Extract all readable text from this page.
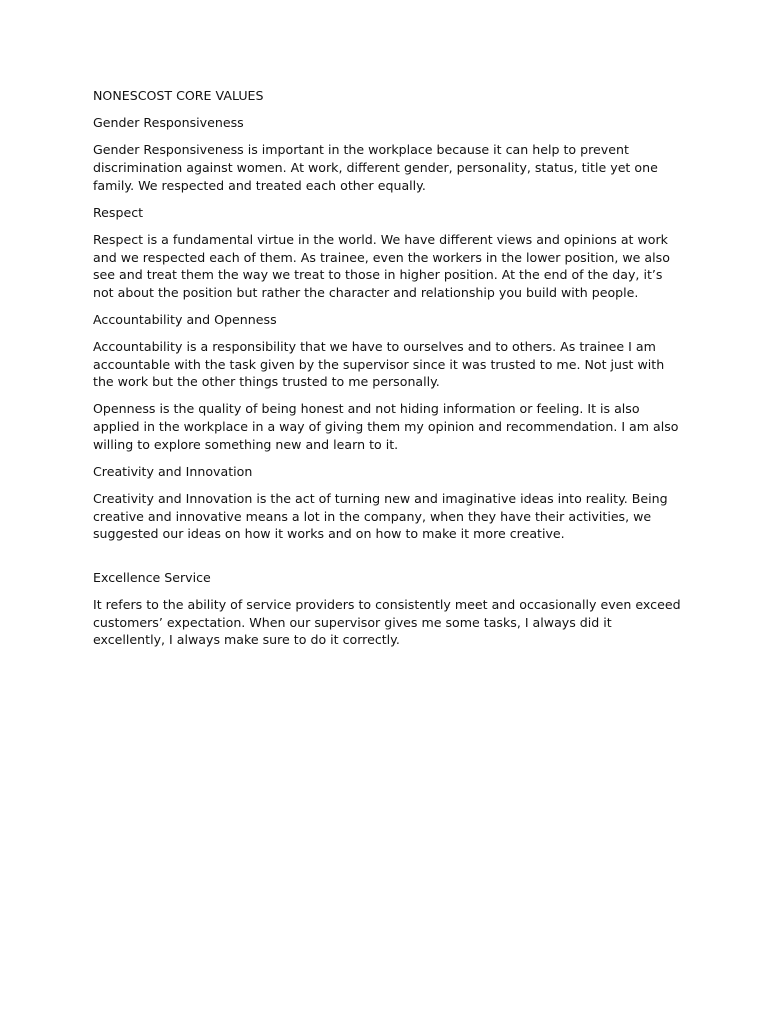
NONESCOST CORE VALUES

Gender Responsiveness

Gender Responsiveness is important in the workplace because it can help to prevent discrimination against women. At work, different gender, personality, status, title yet one family. We respected and treated each other equally.

Respect

Respect is a fundamental virtue in the world. We have different views and opinions at work and we respected each of them. As trainee, even the workers in the lower position, we also see and treat them the way we treat to those in higher position. At the end of the day, it’s not about the position but rather the character and relationship you build with people.

Accountability and Openness

Accountability is a responsibility that we have to ourselves and to others. As trainee I am accountable with the task given by the supervisor since it was trusted to me. Not just with the work but the other things trusted to me personally.

Openness is the quality of being honest and not hiding information or feeling. It is also applied in the workplace in a way of giving them my opinion and recommendation. I am also willing to explore something new and learn to it.

Creativity and Innovation

Creativity and Innovation is the act of turning new and imaginative ideas into reality. Being creative and innovative means a lot in the company, when they have their activities, we suggested our ideas on how it works and on how to make it more creative.

Excellence Service

It refers to the ability of service providers to consistently meet and occasionally even exceed customers’ expectation. When our supervisor gives me some tasks, I always did it excellently, I always make sure to do it correctly.
